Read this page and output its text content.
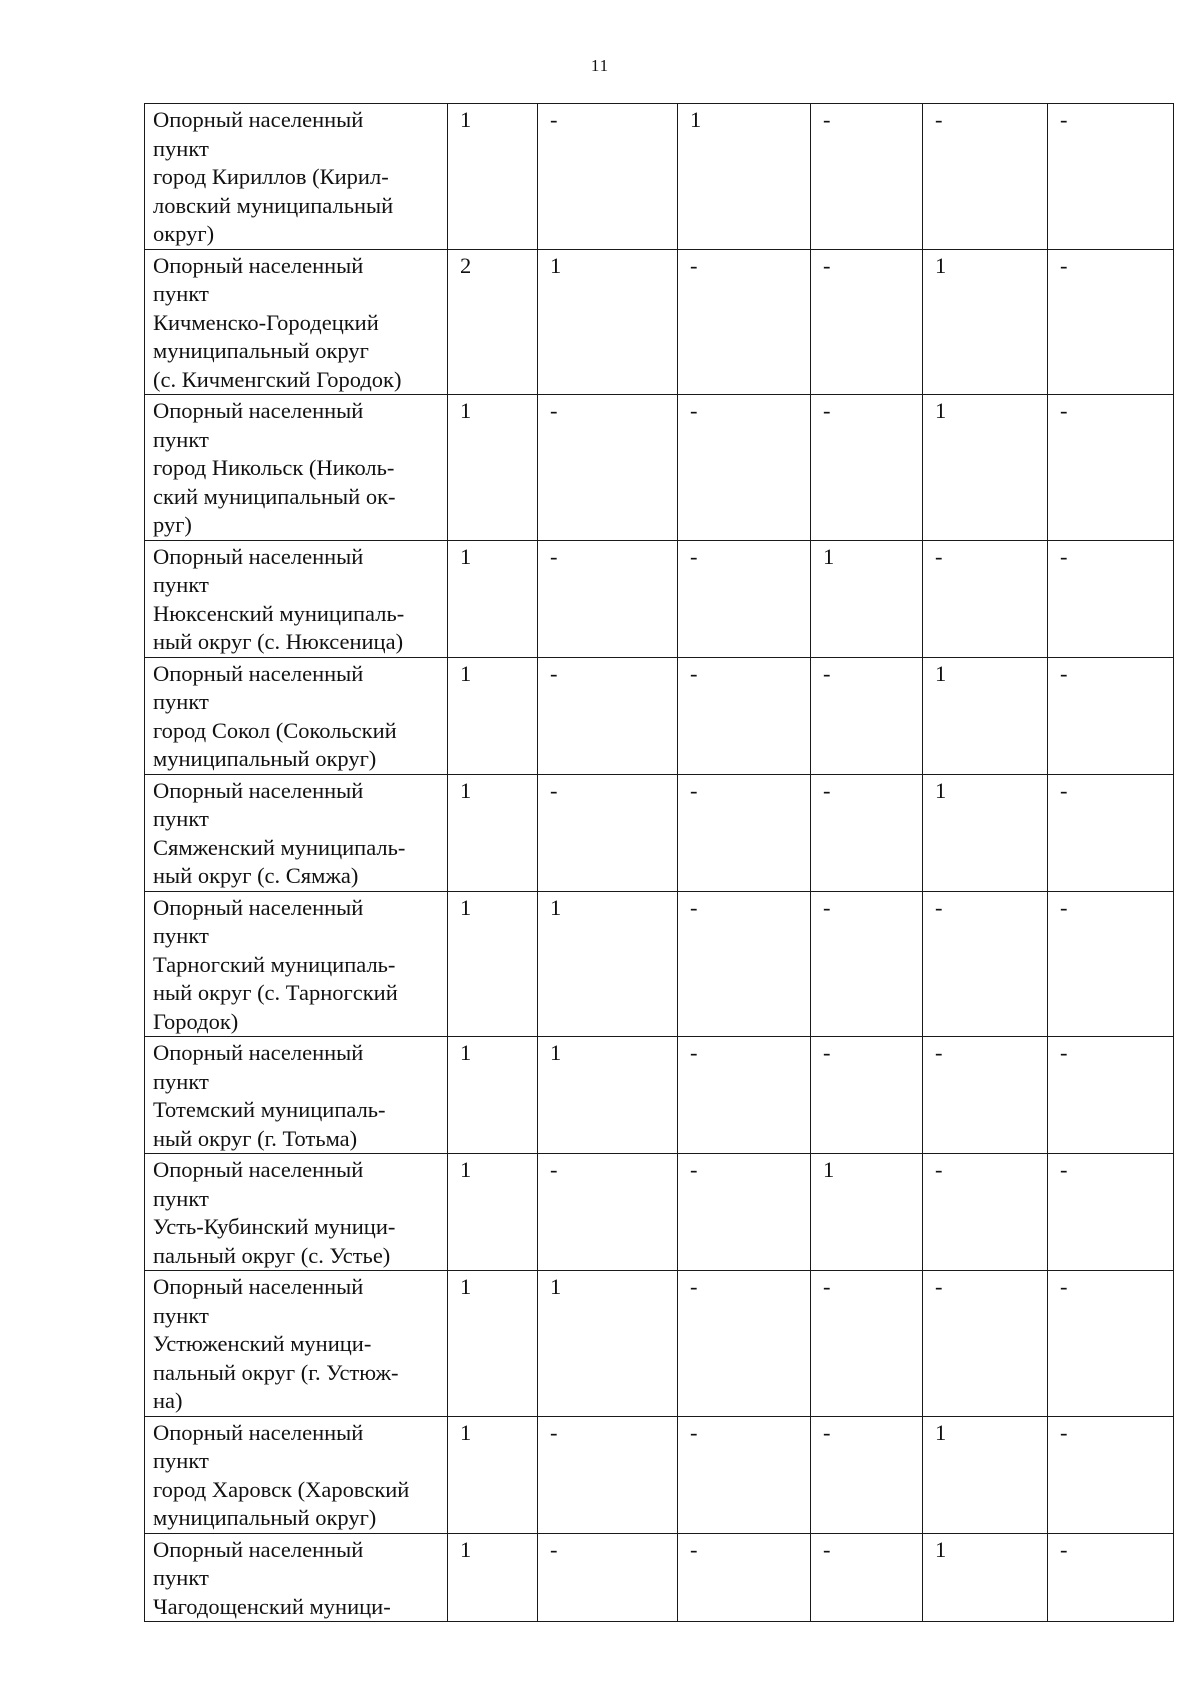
11
Опорный населенный
пункт
город Кириллов (Кирил-
ловский муниципальный
округ)	1	-	1	-	-	-
Опорный населенный
пункт
Кичменско-Городецкий
муниципальный округ
(с. Кичменгский Городок)	2	1	-	-	1	-
Опорный населенный
пункт
город Никольск (Николь-
ский муниципальный ок-
руг)	1	-	-	-	1	-
Опорный населенный
пункт
Нюксенский муниципаль-
ный округ (с. Нюксеница)	1	-	-	1	-	-
Опорный населенный
пункт
город Сокол (Сокольский
муниципальный округ)	1	-	-	-	1	-
Опорный населенный
пункт
Сямженский муниципаль-
ный округ (с. Сямжа)	1	-	-	-	1	-
Опорный населенный
пункт
Тарногский муниципаль-
ный округ (с. Тарногский
Городок)	1	1	-	-	-	-
Опорный населенный
пункт
Тотемский муниципаль-
ный округ (г. Тотьма)	1	1	-	-	-	-
Опорный населенный
пункт
Усть-Кубинский муници-
пальный округ (с. Устье)	1	-	-	1	-	-
Опорный населенный
пункт
Устюженский муници-
пальный округ (г. Устюж-
на)	1	1	-	-	-	-
Опорный населенный
пункт
город Харовск (Харовский
муниципальный округ)	1	-	-	-	1	-
Опорный населенный
пункт
Чагодощенский муници-	1	-	-	-	1	-
